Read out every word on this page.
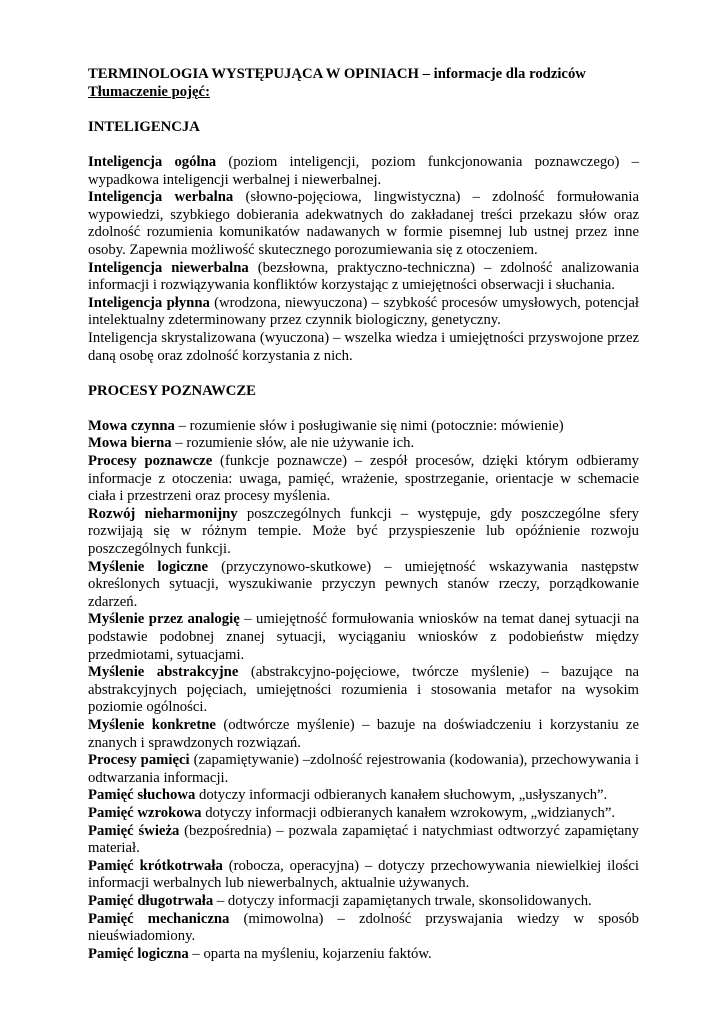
TERMINOLOGIA WYSTĘPUJĄCA W OPINIACH – informacje dla rodziców

Tłumaczenie pojęć:

INTELIGENCJA

Inteligencja ogólna (poziom inteligencji, poziom funkcjonowania poznawczego) – wypadkowa inteligencji werbalnej i niewerbalnej.

Inteligencja werbalna (słowno-pojęciowa, lingwistyczna) – zdolność formułowania wypowiedzi, szybkiego dobierania adekwatnych do zakładanej treści przekazu słów oraz zdolność rozumienia komunikatów nadawanych w formie pisemnej lub ustnej przez inne osoby. Zapewnia możliwość skutecznego porozumiewania się z otoczeniem.

Inteligencja niewerbalna (bezsłowna, praktyczno-techniczna) – zdolność analizowania informacji i rozwiązywania konfliktów korzystając z umiejętności obserwacji i słuchania.

Inteligencja płynna (wrodzona, niewyuczona) – szybkość procesów umysłowych, potencjał intelektualny zdeterminowany przez czynnik biologiczny, genetyczny.

Inteligencja skrystalizowana (wyuczona) – wszelka wiedza i umiejętności przyswojone przez daną osobę oraz zdolność korzystania z nich.

PROCESY POZNAWCZE

Mowa czynna – rozumienie słów i posługiwanie się nimi (potocznie: mówienie)

Mowa bierna – rozumienie słów, ale nie używanie ich.

Procesy poznawcze (funkcje poznawcze) – zespół procesów, dzięki którym odbieramy informacje z otoczenia: uwaga, pamięć, wrażenie, spostrzeganie, orientacje w schemacie ciała i przestrzeni oraz procesy myślenia.

Rozwój nieharmonijny poszczególnych funkcji – występuje, gdy poszczególne sfery rozwijają się w różnym tempie. Może być przyspieszenie lub opóźnienie rozwoju poszczególnych funkcji.

Myślenie logiczne (przyczynowo-skutkowe) – umiejętność wskazywania następstw określonych sytuacji, wyszukiwanie przyczyn pewnych stanów rzeczy, porządkowanie zdarzeń.

Myślenie przez analogię – umiejętność formułowania wniosków na temat danej sytuacji na podstawie podobnej znanej sytuacji, wyciąganiu wniosków z podobieństw między przedmiotami, sytuacjami.

Myślenie abstrakcyjne (abstrakcyjno-pojęciowe, twórcze myślenie) – bazujące na abstrakcyjnych pojęciach, umiejętności rozumienia i stosowania metafor na wysokim poziomie ogólności.

Myślenie konkretne (odtwórcze myślenie) – bazuje na doświadczeniu i korzystaniu ze znanych i sprawdzonych rozwiązań.

Procesy pamięci (zapamiętywanie) –zdolność rejestrowania (kodowania), przechowywania i odtwarzania informacji.

Pamięć słuchowa dotyczy informacji odbieranych kanałem słuchowym, „usłyszanych”.

Pamięć wzrokowa dotyczy informacji odbieranych kanałem wzrokowym, „widzianych”.

Pamięć świeża (bezpośrednia) – pozwala zapamiętać i natychmiast odtworzyć zapamiętany materiał.

Pamięć krótkotrwała (robocza, operacyjna) – dotyczy przechowywania niewielkiej ilości informacji werbalnych lub niewerbalnych, aktualnie używanych.

Pamięć długotrwała – dotyczy informacji zapamiętanych trwale, skonsolidowanych.

Pamięć mechaniczna (mimowolna) – zdolność przyswajania wiedzy w sposób nieuświadomiony.

Pamięć logiczna – oparta na myśleniu, kojarzeniu faktów.
